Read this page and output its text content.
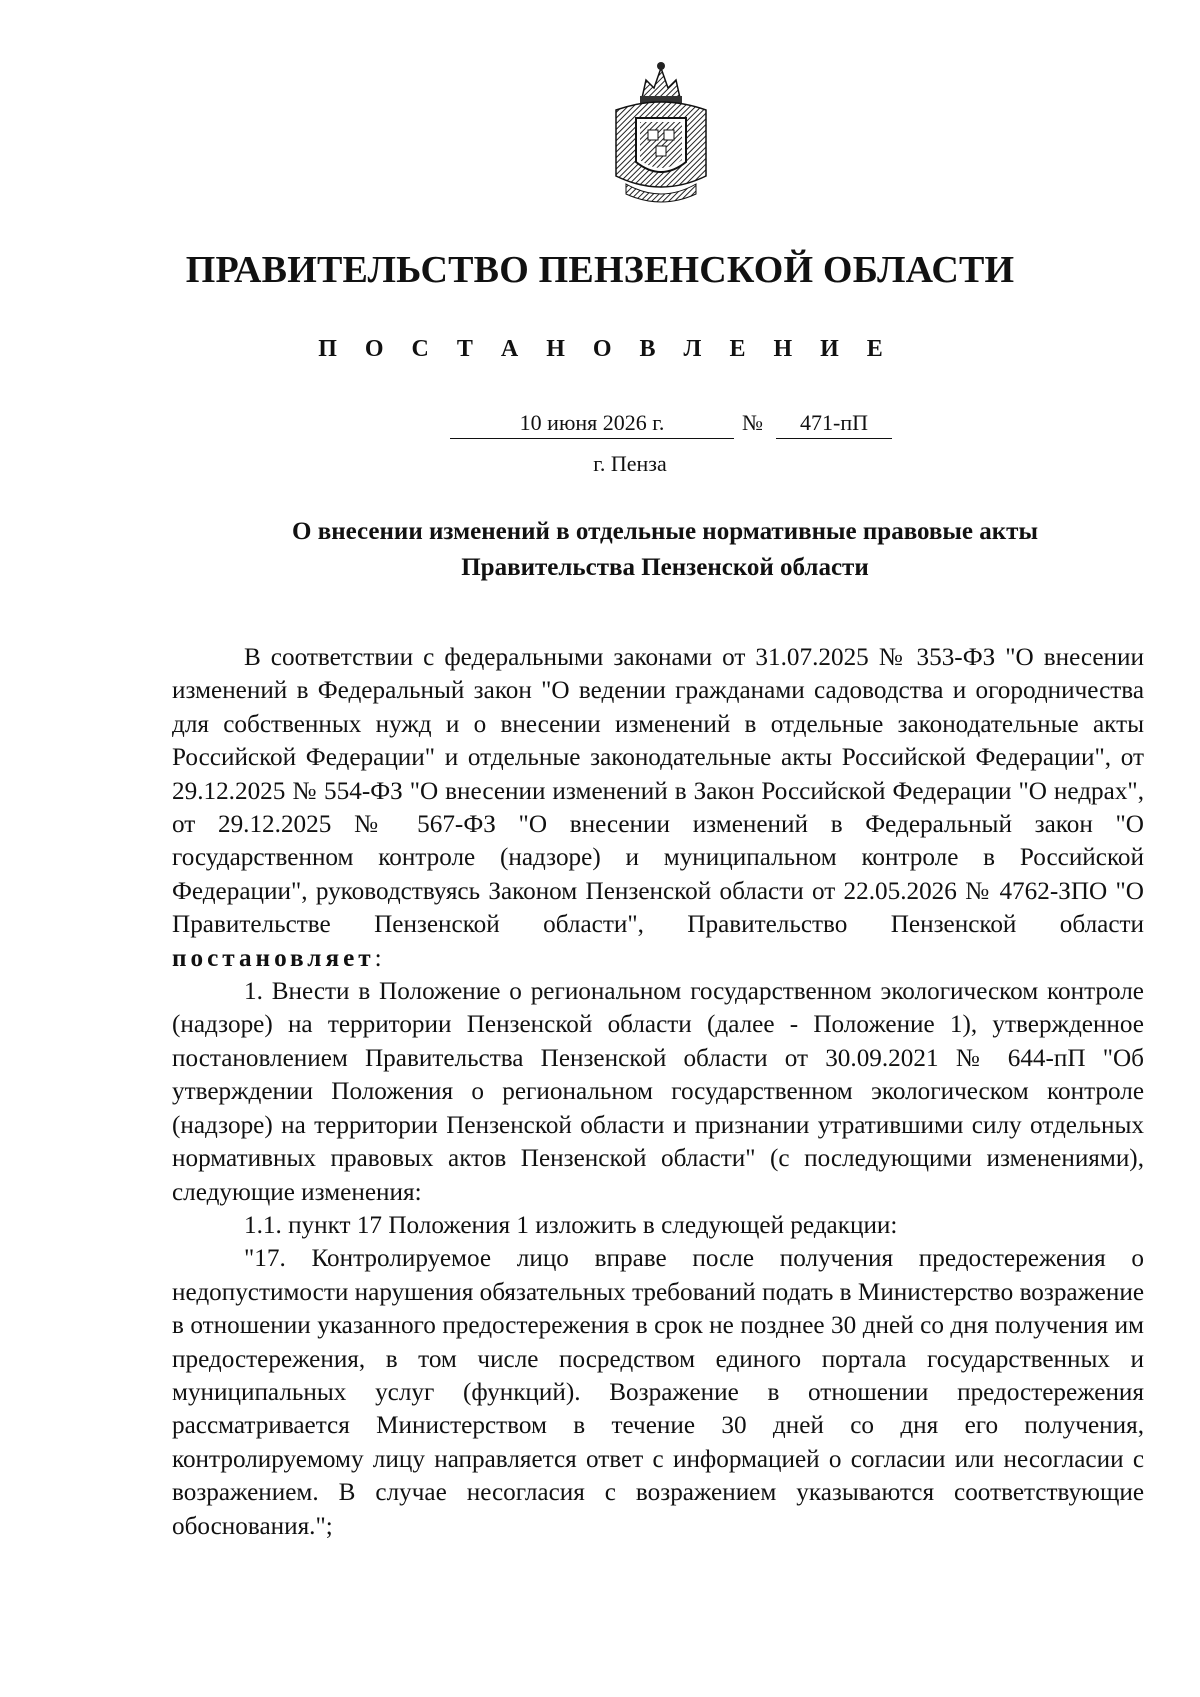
ПРАВИТЕЛЬСТВО ПЕНЗЕНСКОЙ ОБЛАСТИ
П О С Т А Н О В Л Е Н И Е
10 июня 2026 г.	№	471-пП
г. Пенза
О внесении изменений в отдельные нормативные правовые акты
Правительства Пензенской области

В соответствии с федеральными законами от 31.07.2025 № 353-ФЗ "О внесении изменений в Федеральный закон "О ведении гражданами садоводства и огородничества для собственных нужд и о внесении изменений в отдельные законодательные акты Российской Федерации" и отдельные законодательные акты Российской Федерации", от 29.12.2025 № 554-ФЗ "О внесении изменений в Закон Российской Федерации "О недрах", от 29.12.2025 № 567-ФЗ "О внесении изменений в Федеральный закон "О государственном контроле (надзоре) и муниципальном контроле в Российской Федерации", руководствуясь Законом Пензенской области от 22.05.2026 № 4762-ЗПО "О Правительстве Пензенской области", Правительство Пензенской области постановляет:

1. Внести в Положение о региональном государственном экологическом контроле (надзоре) на территории Пензенской области (далее - Положение 1), утвержденное постановлением Правительства Пензенской области от 30.09.2021 № 644-пП "Об утверждении Положения о региональном государственном экологическом контроле (надзоре) на территории Пензенской области и признании утратившими силу отдельных нормативных правовых актов Пензенской области" (с последующими изменениями), следующие изменения:

1.1. пункт 17 Положения 1 изложить в следующей редакции:

"17. Контролируемое лицо вправе после получения предостережения о недопустимости нарушения обязательных требований подать в Министерство возражение в отношении указанного предостережения в срок не позднее 30 дней со дня получения им предостережения, в том числе посредством единого портала государственных и муниципальных услуг (функций). Возражение в отношении предостережения рассматривается Министерством в течение 30 дней со дня его получения, контролируемому лицу направляется ответ с информацией о согласии или несогласии с возражением. В случае несогласия с возражением указываются соответствующие обоснования.";
